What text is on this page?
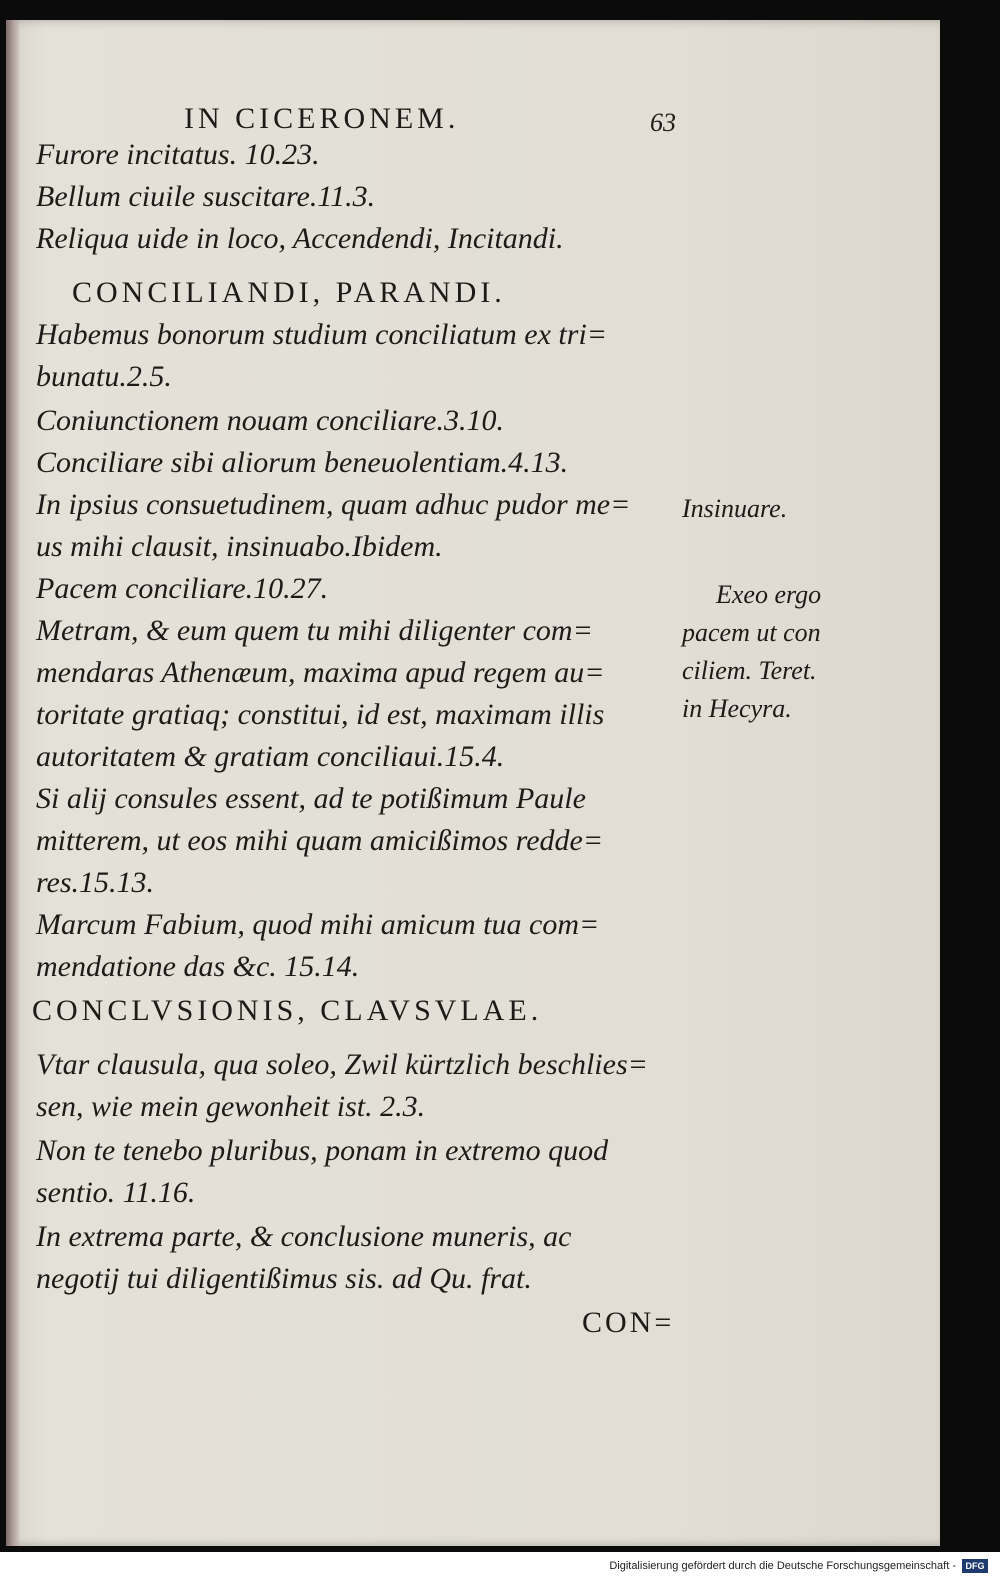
IN CICERONEM.	63
Furore incitatus. 10.23.
Bellum ciuile suscitare.11.3.
Reliqua uide in loco, Accendendi, Incitandi.
CONCILIANDI, PARANDI.
Habemus bonorum studium conciliatum ex tri=
bunatu.2.5.
Coniunctionem nouam conciliare.3.10.
Conciliare sibi aliorum beneuolentiam.4.13.
In ipsius consuetudinem, quam adhuc pudor me=
us mihi clausit, insinuabo.Ibidem.
Pacem conciliare.10.27.
Metram, & eum quem tu mihi diligenter com=
mendaras Athenæum, maxima apud regem au=
toritate gratiaq; constitui, id est, maximam illis
autoritatem & gratiam conciliaui.15.4.
Si alij consules essent, ad te potißimum Paule
mitterem, ut eos mihi quam amicißimos redde=
res.15.13.
Marcum Fabium, quod mihi amicum tua com=
mendatione das &c. 15.14.
CONCLVSIONIS, CLAVSVLAE.
Vtar clausula, qua soleo, Zwil kürtzlich beschlies=
sen, wie mein gewonheit ist. 2.3.
Non te tenebo pluribus, ponam in extremo quod
sentio. 11.16.
In extrema parte, & conclusione muneris, ac
negotij tui diligentißimus sis. ad Qu. frat.
Insinuare.
Exeo ergo
pacem ut con
ciliem. Teret.
in Hecyra.
CON=
Digitalisierung gefördert durch die Deutsche Forschungsgemeinschaft -	DFG
